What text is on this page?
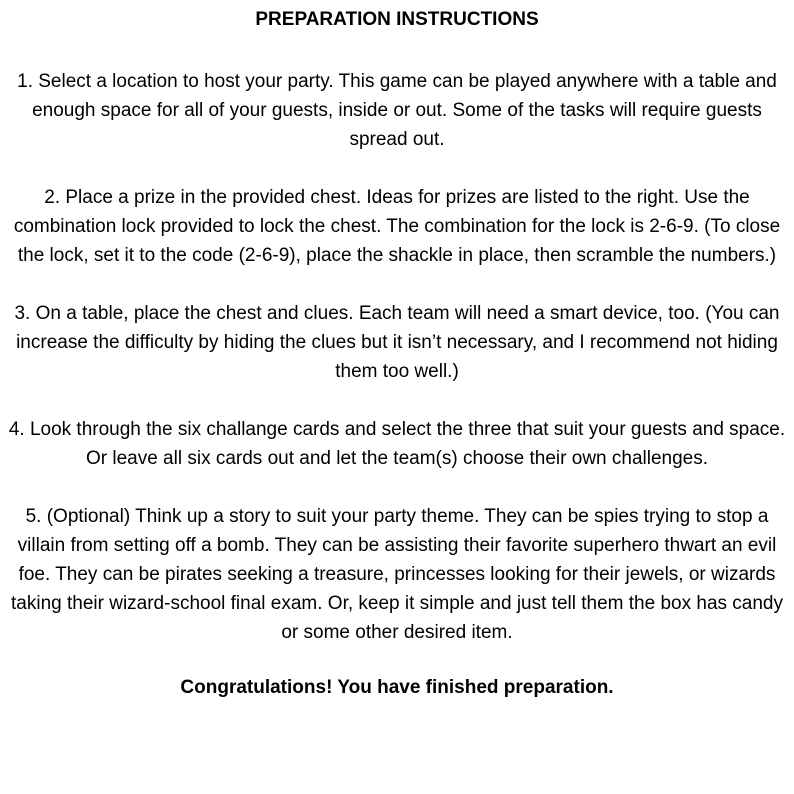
PREPARATION INSTRUCTIONS

1. Select a location to host your party. This game can be played anywhere with a table and enough space for all of your guests, inside or out. Some of the tasks will require guests spread out.

2. Place a prize in the provided chest. Ideas for prizes are listed to the right. Use the combination lock provided to lock the chest. The combination for the lock is 2-6-9. (To close the lock, set it to the code (2-6-9), place the shackle in place, then scramble the numbers.)

3. On a table, place the chest and clues. Each team will need a smart device, too. (You can increase the difficulty by hiding the clues but it isn’t necessary, and I recommend not hiding them too well.)

4. Look through the six challange cards and select the three that suit your guests and space. Or leave all six cards out and let the team(s) choose their own challenges.

5. (Optional) Think up a story to suit your party theme. They can be spies trying to stop a villain from setting off a bomb. They can be assisting their favorite superhero thwart an evil foe. They can be pirates seeking a treasure, princesses looking for their jewels, or wizards taking their wizard-school final exam. Or, keep it simple and just tell them the box has candy or some other desired item.

Congratulations! You have finished preparation.
